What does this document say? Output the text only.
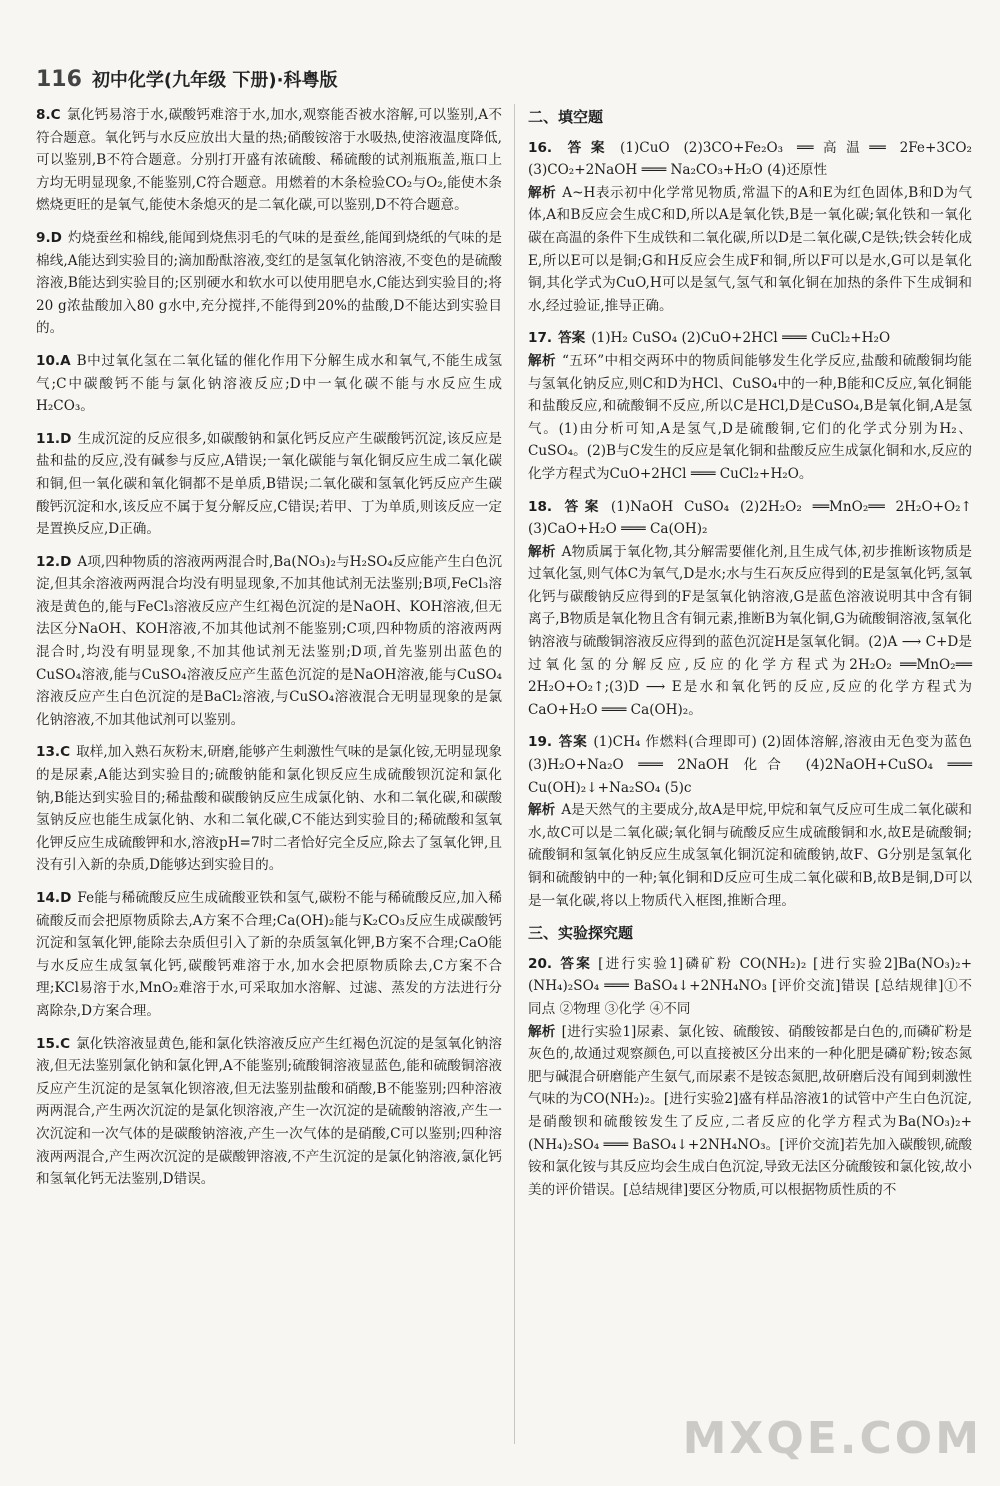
116 初中化学(九年级 下册)·科粤版
8.C 氯化钙易溶于水,碳酸钙难溶于水,加水,观察能否被水溶解,可以鉴别,A不符合题意。氧化钙与水反应放出大量的热;硝酸铵溶于水吸热,使溶液温度降低,可以鉴别,B不符合题意。分别打开盛有浓硫酸、稀硫酸的试剂瓶瓶盖,瓶口上方均无明显现象,不能鉴别,C符合题意。用燃着的木条检验CO₂与O₂,能使木条燃烧更旺的是氧气,能使木条熄灭的是二氧化碳,可以鉴别,D不符合题意。
9.D 灼烧蚕丝和棉线,能闻到烧焦羽毛的气味的是蚕丝,能闻到烧纸的气味的是棉线,A能达到实验目的;滴加酚酞溶液,变红的是氢氧化钠溶液,不变色的是硫酸溶液,B能达到实验目的;区别硬水和软水可以使用肥皂水,C能达到实验目的;将20 g浓盐酸加入80 g水中,充分搅拌,不能得到20%的盐酸,D不能达到实验目的。
10.A B中过氧化氢在二氧化锰的催化作用下分解生成水和氧气,不能生成氢气;C中碳酸钙不能与氯化钠溶液反应;D中一氧化碳不能与水反应生成H₂CO₃。
11.D 生成沉淀的反应很多,如碳酸钠和氯化钙反应产生碳酸钙沉淀,该反应是盐和盐的反应,没有碱参与反应,A错误;一氧化碳能与氧化铜反应生成二氧化碳和铜,但一氧化碳和氧化铜都不是单质,B错误;二氧化碳和氢氧化钙反应产生碳酸钙沉淀和水,该反应不属于复分解反应,C错误;若甲、丁为单质,则该反应一定是置换反应,D正确。
12.D A项,四种物质的溶液两两混合时,Ba(NO₃)₂与H₂SO₄反应能产生白色沉淀,但其余溶液两两混合均没有明显现象,不加其他试剂无法鉴别;B项,FeCl₃溶液是黄色的,能与FeCl₃溶液反应产生红褐色沉淀的是NaOH、KOH溶液,但无法区分NaOH、KOH溶液,不加其他试剂不能鉴别;C项,四种物质的溶液两两混合时,均没有明显现象,不加其他试剂无法鉴别;D项,首先鉴别出蓝色的CuSO₄溶液,能与CuSO₄溶液反应产生蓝色沉淀的是NaOH溶液,能与CuSO₄溶液反应产生白色沉淀的是BaCl₂溶液,与CuSO₄溶液混合无明显现象的是氯化钠溶液,不加其他试剂可以鉴别。
13.C 取样,加入熟石灰粉末,研磨,能够产生刺激性气味的是氯化铵,无明显现象的是尿素,A能达到实验目的;硫酸钠能和氯化钡反应生成硫酸钡沉淀和氯化钠,B能达到实验目的;稀盐酸和碳酸钠反应生成氯化钠、水和二氧化碳,和碳酸氢钠反应也能生成氯化钠、水和二氧化碳,C不能达到实验目的;稀硫酸和氢氧化钾反应生成硫酸钾和水,溶液pH=7时二者恰好完全反应,除去了氢氧化钾,且没有引入新的杂质,D能够达到实验目的。
14.D Fe能与稀硫酸反应生成硫酸亚铁和氢气,碳粉不能与稀硫酸反应,加入稀硫酸反而会把原物质除去,A方案不合理;Ca(OH)₂能与K₂CO₃反应生成碳酸钙沉淀和氢氧化钾,能除去杂质但引入了新的杂质氢氧化钾,B方案不合理;CaO能与水反应生成氢氧化钙,碳酸钙难溶于水,加水会把原物质除去,C方案不合理;KCl易溶于水,MnO₂难溶于水,可采取加水溶解、过滤、蒸发的方法进行分离除杂,D方案合理。
15.C 氯化铁溶液显黄色,能和氯化铁溶液反应产生红褐色沉淀的是氢氧化钠溶液,但无法鉴别氯化钠和氯化钾,A不能鉴别;硫酸铜溶液显蓝色,能和硫酸铜溶液反应产生沉淀的是氢氧化钡溶液,但无法鉴别盐酸和硝酸,B不能鉴别;四种溶液两两混合,产生两次沉淀的是氯化钡溶液,产生一次沉淀的是硫酸钠溶液,产生一次沉淀和一次气体的是碳酸钠溶液,产生一次气体的是硝酸,C可以鉴别;四种溶液两两混合,产生两次沉淀的是碳酸钾溶液,不产生沉淀的是氯化钠溶液,氯化钙和氢氧化钙无法鉴别,D错误。
二、填空题
16. 答案 (1)CuO (2)3CO+Fe₂O₃ ══高温══ 2Fe+3CO₂ (3)CO₂+2NaOH ═══ Na₂CO₃+H₂O (4)还原性
解析 A~H表示初中化学常见物质,常温下的A和E为红色固体,B和D为气体,A和B反应会生成C和D,所以A是氧化铁,B是一氧化碳;氧化铁和一氧化碳在高温的条件下生成铁和二氧化碳,所以D是二氧化碳,C是铁;铁会转化成E,所以E可以是铜;G和H反应会生成F和铜,所以F可以是水,G可以是氧化铜,其化学式为CuO,H可以是氢气,氢气和氧化铜在加热的条件下生成铜和水,经过验证,推导正确。
17. 答案 (1)H₂ CuSO₄ (2)CuO+2HCl ═══ CuCl₂+H₂O
解析 “五环”中相交两环中的物质间能够发生化学反应,盐酸和硫酸铜均能与氢氧化钠反应,则C和D为HCl、CuSO₄中的一种,B能和C反应,氧化铜能和盐酸反应,和硫酸铜不反应,所以C是HCl,D是CuSO₄,B是氧化铜,A是氢气。(1)由分析可知,A是氢气,D是硫酸铜,它们的化学式分别为H₂、CuSO₄。(2)B与C发生的反应是氧化铜和盐酸反应生成氯化铜和水,反应的化学方程式为CuO+2HCl ═══ CuCl₂+H₂O。
18. 答案 (1)NaOH CuSO₄ (2)2H₂O₂ ══MnO₂══ 2H₂O+O₂↑ (3)CaO+H₂O ═══ Ca(OH)₂
解析 A物质属于氧化物,其分解需要催化剂,且生成气体,初步推断该物质是过氧化氢,则气体C为氧气,D是水;水与生石灰反应得到的E是氢氧化钙,氢氧化钙与碳酸钠反应得到的F是氢氧化钠溶液,G是蓝色溶液说明其中含有铜离子,B物质是氧化物且含有铜元素,推断B为氧化铜,G为硫酸铜溶液,氢氧化钠溶液与硫酸铜溶液反应得到的蓝色沉淀H是氢氧化铜。(2)A ⟶ C+D是过氧化氢的分解反应,反应的化学方程式为2H₂O₂ ══MnO₂══ 2H₂O+O₂↑;(3)D ⟶ E是水和氧化钙的反应,反应的化学方程式为CaO+H₂O ═══ Ca(OH)₂。
19. 答案 (1)CH₄ 作燃料(合理即可) (2)固体溶解,溶液由无色变为蓝色 (3)H₂O+Na₂O ═══ 2NaOH 化合 (4)2NaOH+CuSO₄ ═══ Cu(OH)₂↓+Na₂SO₄ (5)c
解析 A是天然气的主要成分,故A是甲烷,甲烷和氧气反应可生成二氧化碳和水,故C可以是二氧化碳;氧化铜与硫酸反应生成硫酸铜和水,故E是硫酸铜;硫酸铜和氢氧化钠反应生成氢氧化铜沉淀和硫酸钠,故F、G分别是氢氧化铜和硫酸钠中的一种;氧化铜和D反应可生成二氧化碳和B,故B是铜,D可以是一氧化碳,将以上物质代入框图,推断合理。
三、实验探究题
20. 答案 [进行实验1]磷矿粉 CO(NH₂)₂ [进行实验2]Ba(NO₃)₂+(NH₄)₂SO₄ ═══ BaSO₄↓+2NH₄NO₃ [评价交流]错误 [总结规律]①不同点 ②物理 ③化学 ④不同
解析 [进行实验1]尿素、氯化铵、硫酸铵、硝酸铵都是白色的,而磷矿粉是灰色的,故通过观察颜色,可以直接被区分出来的一种化肥是磷矿粉;铵态氮肥与碱混合研磨能产生氨气,而尿素不是铵态氮肥,故研磨后没有闻到刺激性气味的为CO(NH₂)₂。[进行实验2]盛有样品溶液1的试管中产生白色沉淀,是硝酸钡和硫酸铵发生了反应,二者反应的化学方程式为Ba(NO₃)₂+(NH₄)₂SO₄ ═══ BaSO₄↓+2NH₄NO₃。[评价交流]若先加入碳酸钡,硫酸铵和氯化铵与其反应均会生成白色沉淀,导致无法区分硫酸铵和氯化铵,故小美的评价错误。[总结规律]要区分物质,可以根据物质性质的不
MXQE.COM
